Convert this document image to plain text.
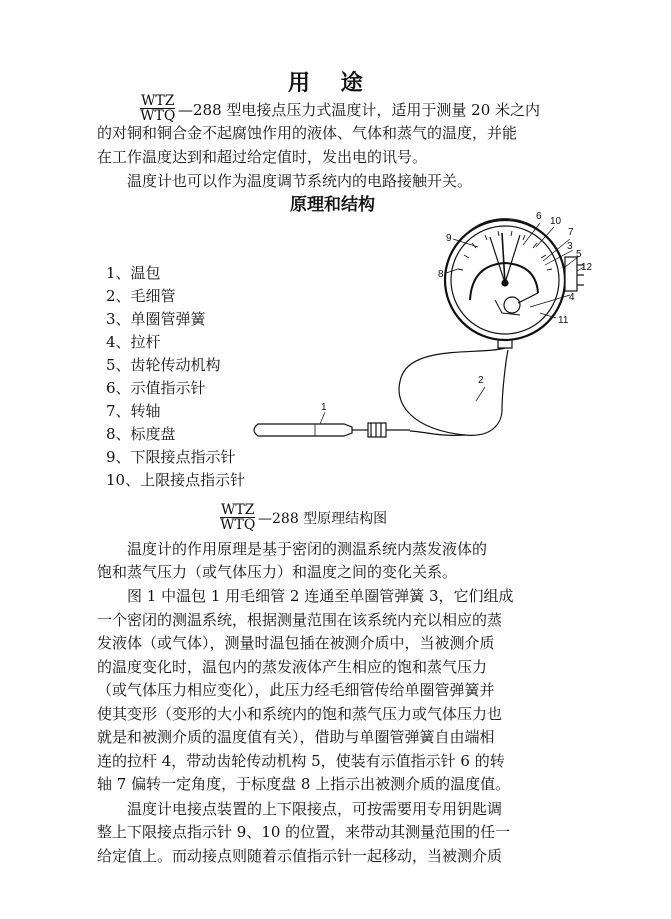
用    途
WTZ
WTQ —288 型电接点压力式温度计，适用于测量 20 米之内
的对铜和铜合金不起腐蚀作用的液体、气体和蒸气的温度，并能
在工作温度达到和超过给定值时，发出电的讯号。
温度计也可以作为温度调节系统内的电路接触开关。
原理和结构
1、温包
2、毛细管
3、单圈管弹簧
4、拉杆
5、齿轮传动机构
6、示值指示针
7、转轴
8、标度盘
9、下限接点指示针
10、上限接点指示针
1
2
3
4
5
6
7
8
9
10
11
12
WTZ
WTQ —288 型原理结构图
温度计的作用原理是基于密闭的测温系统内蒸发液体的
饱和蒸气压力（或气体压力）和温度之间的变化关系。
图 1 中温包 1 用毛细管 2 连通至单圈管弹簧 3，它们组成
一个密闭的测温系统，根据测量范围在该系统内充以相应的蒸
发液体（或气体），测量时温包插在被测介质中，当被测介质
的温度变化时，温包内的蒸发液体产生相应的饱和蒸气压力
（或气体压力相应变化），此压力经毛细管传给单圈管弹簧并
使其变形（变形的大小和系统内的饱和蒸气压力或气体压力也
就是和被测介质的温度值有关），借助与单圈管弹簧自由端相
连的拉杆 4，带动齿轮传动机构 5，使装有示值指示针 6 的转
轴 7 偏转一定角度，于标度盘 8 上指示出被测介质的温度值。
温度计电接点装置的上下限接点，可按需要用专用钥匙调
整上下限接点指示针 9、10 的位置，来带动其测量范围的任一
给定值上。而动接点则随着示值指示针一起移动，当被测介质
